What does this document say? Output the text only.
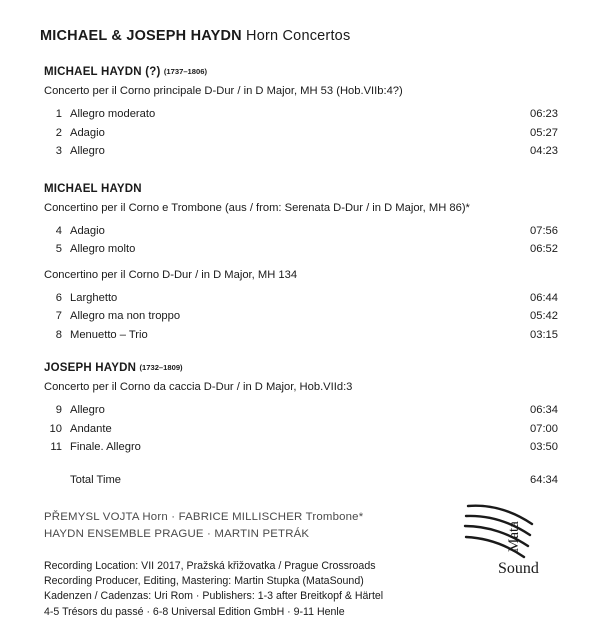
MICHAEL & JOSEPH HAYDN Horn Concertos
MICHAEL HAYDN (?) (1737–1806)
Concerto per il Corno principale D-Dur / in D Major, MH 53 (Hob.VIIb:4?)
1 Allegro moderato	06:23
2 Adagio	05:27
3 Allegro	04:23
MICHAEL HAYDN
Concertino per il Corno e Trombone (aus / from: Serenata D-Dur / in D Major, MH 86)*
4 Adagio	07:56
5 Allegro molto	06:52
Concertino per il Corno D-Dur / in D Major, MH 134
6 Larghetto	06:44
7 Allegro ma non troppo	05:42
8 Menuetto – Trio	03:15
JOSEPH HAYDN (1732–1809)
Concerto per il Corno da caccia D-Dur / in D Major, Hob.VIId:3
9 Allegro	06:34
10 Andante	07:00
11 Finale. Allegro	03:50
Total Time	64:34
PŘEMYSL VOJTA Horn · FABRICE MILLISCHER Trombone*
HAYDN ENSEMBLE PRAGUE · MARTIN PETRÁK
Recording Location: VII 2017, Pražská křižovatka / Prague Crossroads
Recording Producer, Editing, Mastering: Martin Stupka (MataSound)
Kadenzen / Cadenzas: Uri Rom · Publishers: 1-3 after Breitkopf & Härtel
4-5 Trésors du passé · 6-8 Universal Edition GmbH · 9-11 Henle
Mata
Sound
